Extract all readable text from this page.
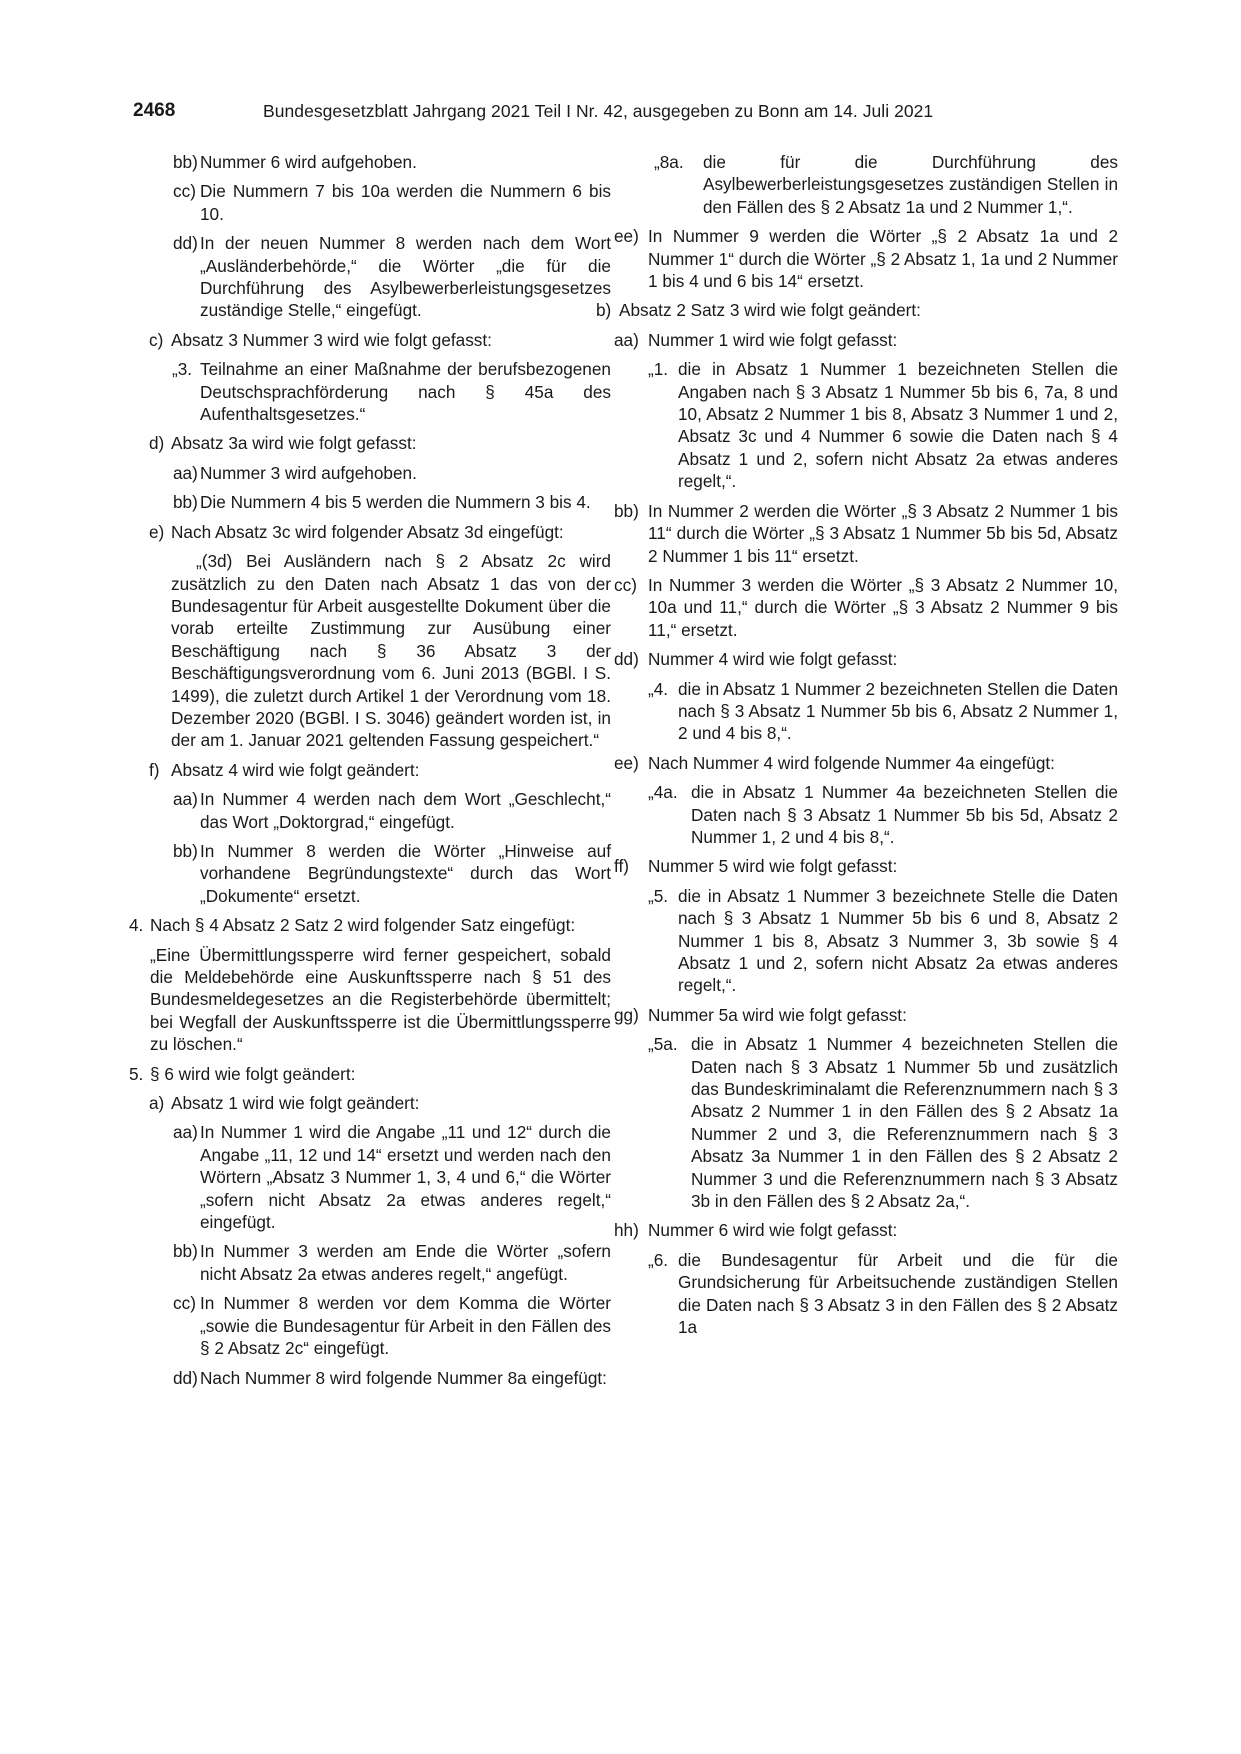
2468	Bundesgesetzblatt Jahrgang 2021 Teil I Nr. 42, ausgegeben zu Bonn am 14. Juli 2021
bb) Nummer 6 wird aufgehoben.

cc) Die Nummern 7 bis 10a werden die Nummern 6 bis 10.

dd) In der neuen Nummer 8 werden nach dem Wort „Ausländerbehörde,“ die Wörter „die für die Durchführung des Asylbewerberleistungsgesetzes zuständige Stelle,“ eingefügt.

c) Absatz 3 Nummer 3 wird wie folgt gefasst:

„3. Teilnahme an einer Maßnahme der berufsbezogenen Deutschsprachförderung nach § 45a des Aufenthaltsgesetzes.“

d) Absatz 3a wird wie folgt gefasst:

aa) Nummer 3 wird aufgehoben.

bb) Die Nummern 4 bis 5 werden die Nummern 3 bis 4.

e) Nach Absatz 3c wird folgender Absatz 3d eingefügt:

„(3d) Bei Ausländern nach § 2 Absatz 2c wird zusätzlich zu den Daten nach Absatz 1 das von der Bundesagentur für Arbeit ausgestellte Dokument über die vorab erteilte Zustimmung zur Ausübung einer Beschäftigung nach § 36 Absatz 3 der Beschäftigungsverordnung vom 6. Juni 2013 (BGBl. I S. 1499), die zuletzt durch Artikel 1 der Verordnung vom 18. Dezember 2020 (BGBl. I S. 3046) geändert worden ist, in der am 1. Januar 2021 geltenden Fassung gespeichert.“

f) Absatz 4 wird wie folgt geändert:

aa) In Nummer 4 werden nach dem Wort „Geschlecht,“ das Wort „Doktorgrad,“ eingefügt.

bb) In Nummer 8 werden die Wörter „Hinweise auf vorhandene Begründungstexte“ durch das Wort „Dokumente“ ersetzt.

4. Nach § 4 Absatz 2 Satz 2 wird folgender Satz eingefügt:

„Eine Übermittlungssperre wird ferner gespeichert, sobald die Meldebehörde eine Auskunftssperre nach § 51 des Bundesmeldegesetzes an die Registerbehörde übermittelt; bei Wegfall der Auskunftssperre ist die Übermittlungssperre zu löschen.“

5. § 6 wird wie folgt geändert:

a) Absatz 1 wird wie folgt geändert:

aa) In Nummer 1 wird die Angabe „11 und 12“ durch die Angabe „11, 12 und 14“ ersetzt und werden nach den Wörtern „Absatz 3 Nummer 1, 3, 4 und 6,“ die Wörter „sofern nicht Absatz 2a etwas anderes regelt,“ eingefügt.

bb) In Nummer 3 werden am Ende die Wörter „sofern nicht Absatz 2a etwas anderes regelt,“ angefügt.

cc) In Nummer 8 werden vor dem Komma die Wörter „sowie die Bundesagentur für Arbeit in den Fällen des § 2 Absatz 2c“ eingefügt.

dd) Nach Nummer 8 wird folgende Nummer 8a eingefügt:

„8a. die für die Durchführung des Asylbewerberleistungsgesetzes zuständigen Stellen in den Fällen des § 2 Absatz 1a und 2 Nummer 1,“.

ee) In Nummer 9 werden die Wörter „§ 2 Absatz 1a und 2 Nummer 1“ durch die Wörter „§ 2 Absatz 1, 1a und 2 Nummer 1 bis 4 und 6 bis 14“ ersetzt.

b) Absatz 2 Satz 3 wird wie folgt geändert:

aa) Nummer 1 wird wie folgt gefasst:

„1. die in Absatz 1 Nummer 1 bezeichneten Stellen die Angaben nach § 3 Absatz 1 Nummer 5b bis 6, 7a, 8 und 10, Absatz 2 Nummer 1 bis 8, Absatz 3 Nummer 1 und 2, Absatz 3c und 4 Nummer 6 sowie die Daten nach § 4 Absatz 1 und 2, sofern nicht Absatz 2a etwas anderes regelt,“.

bb) In Nummer 2 werden die Wörter „§ 3 Absatz 2 Nummer 1 bis 11“ durch die Wörter „§ 3 Absatz 1 Nummer 5b bis 5d, Absatz 2 Nummer 1 bis 11“ ersetzt.

cc) In Nummer 3 werden die Wörter „§ 3 Absatz 2 Nummer 10, 10a und 11,“ durch die Wörter „§ 3 Absatz 2 Nummer 9 bis 11,“ ersetzt.

dd) Nummer 4 wird wie folgt gefasst:

„4. die in Absatz 1 Nummer 2 bezeichneten Stellen die Daten nach § 3 Absatz 1 Nummer 5b bis 6, Absatz 2 Nummer 1, 2 und 4 bis 8,“.

ee) Nach Nummer 4 wird folgende Nummer 4a eingefügt:

„4a. die in Absatz 1 Nummer 4a bezeichneten Stellen die Daten nach § 3 Absatz 1 Nummer 5b bis 5d, Absatz 2 Nummer 1, 2 und 4 bis 8,“.

ff) Nummer 5 wird wie folgt gefasst:

„5. die in Absatz 1 Nummer 3 bezeichnete Stelle die Daten nach § 3 Absatz 1 Nummer 5b bis 6 und 8, Absatz 2 Nummer 1 bis 8, Absatz 3 Nummer 3, 3b sowie § 4 Absatz 1 und 2, sofern nicht Absatz 2a etwas anderes regelt,“.

gg) Nummer 5a wird wie folgt gefasst:

„5a. die in Absatz 1 Nummer 4 bezeichneten Stellen die Daten nach § 3 Absatz 1 Nummer 5b und zusätzlich das Bundeskriminalamt die Referenznummern nach § 3 Absatz 2 Nummer 1 in den Fällen des § 2 Absatz 1a Nummer 2 und 3, die Referenznummern nach § 3 Absatz 3a Nummer 1 in den Fällen des § 2 Absatz 2 Nummer 3 und die Referenznummern nach § 3 Absatz 3b in den Fällen des § 2 Absatz 2a,“.

hh) Nummer 6 wird wie folgt gefasst:

„6. die Bundesagentur für Arbeit und die für die Grundsicherung für Arbeitsuchende zuständigen Stellen die Daten nach § 3 Absatz 3 in den Fällen des § 2 Absatz 1a
